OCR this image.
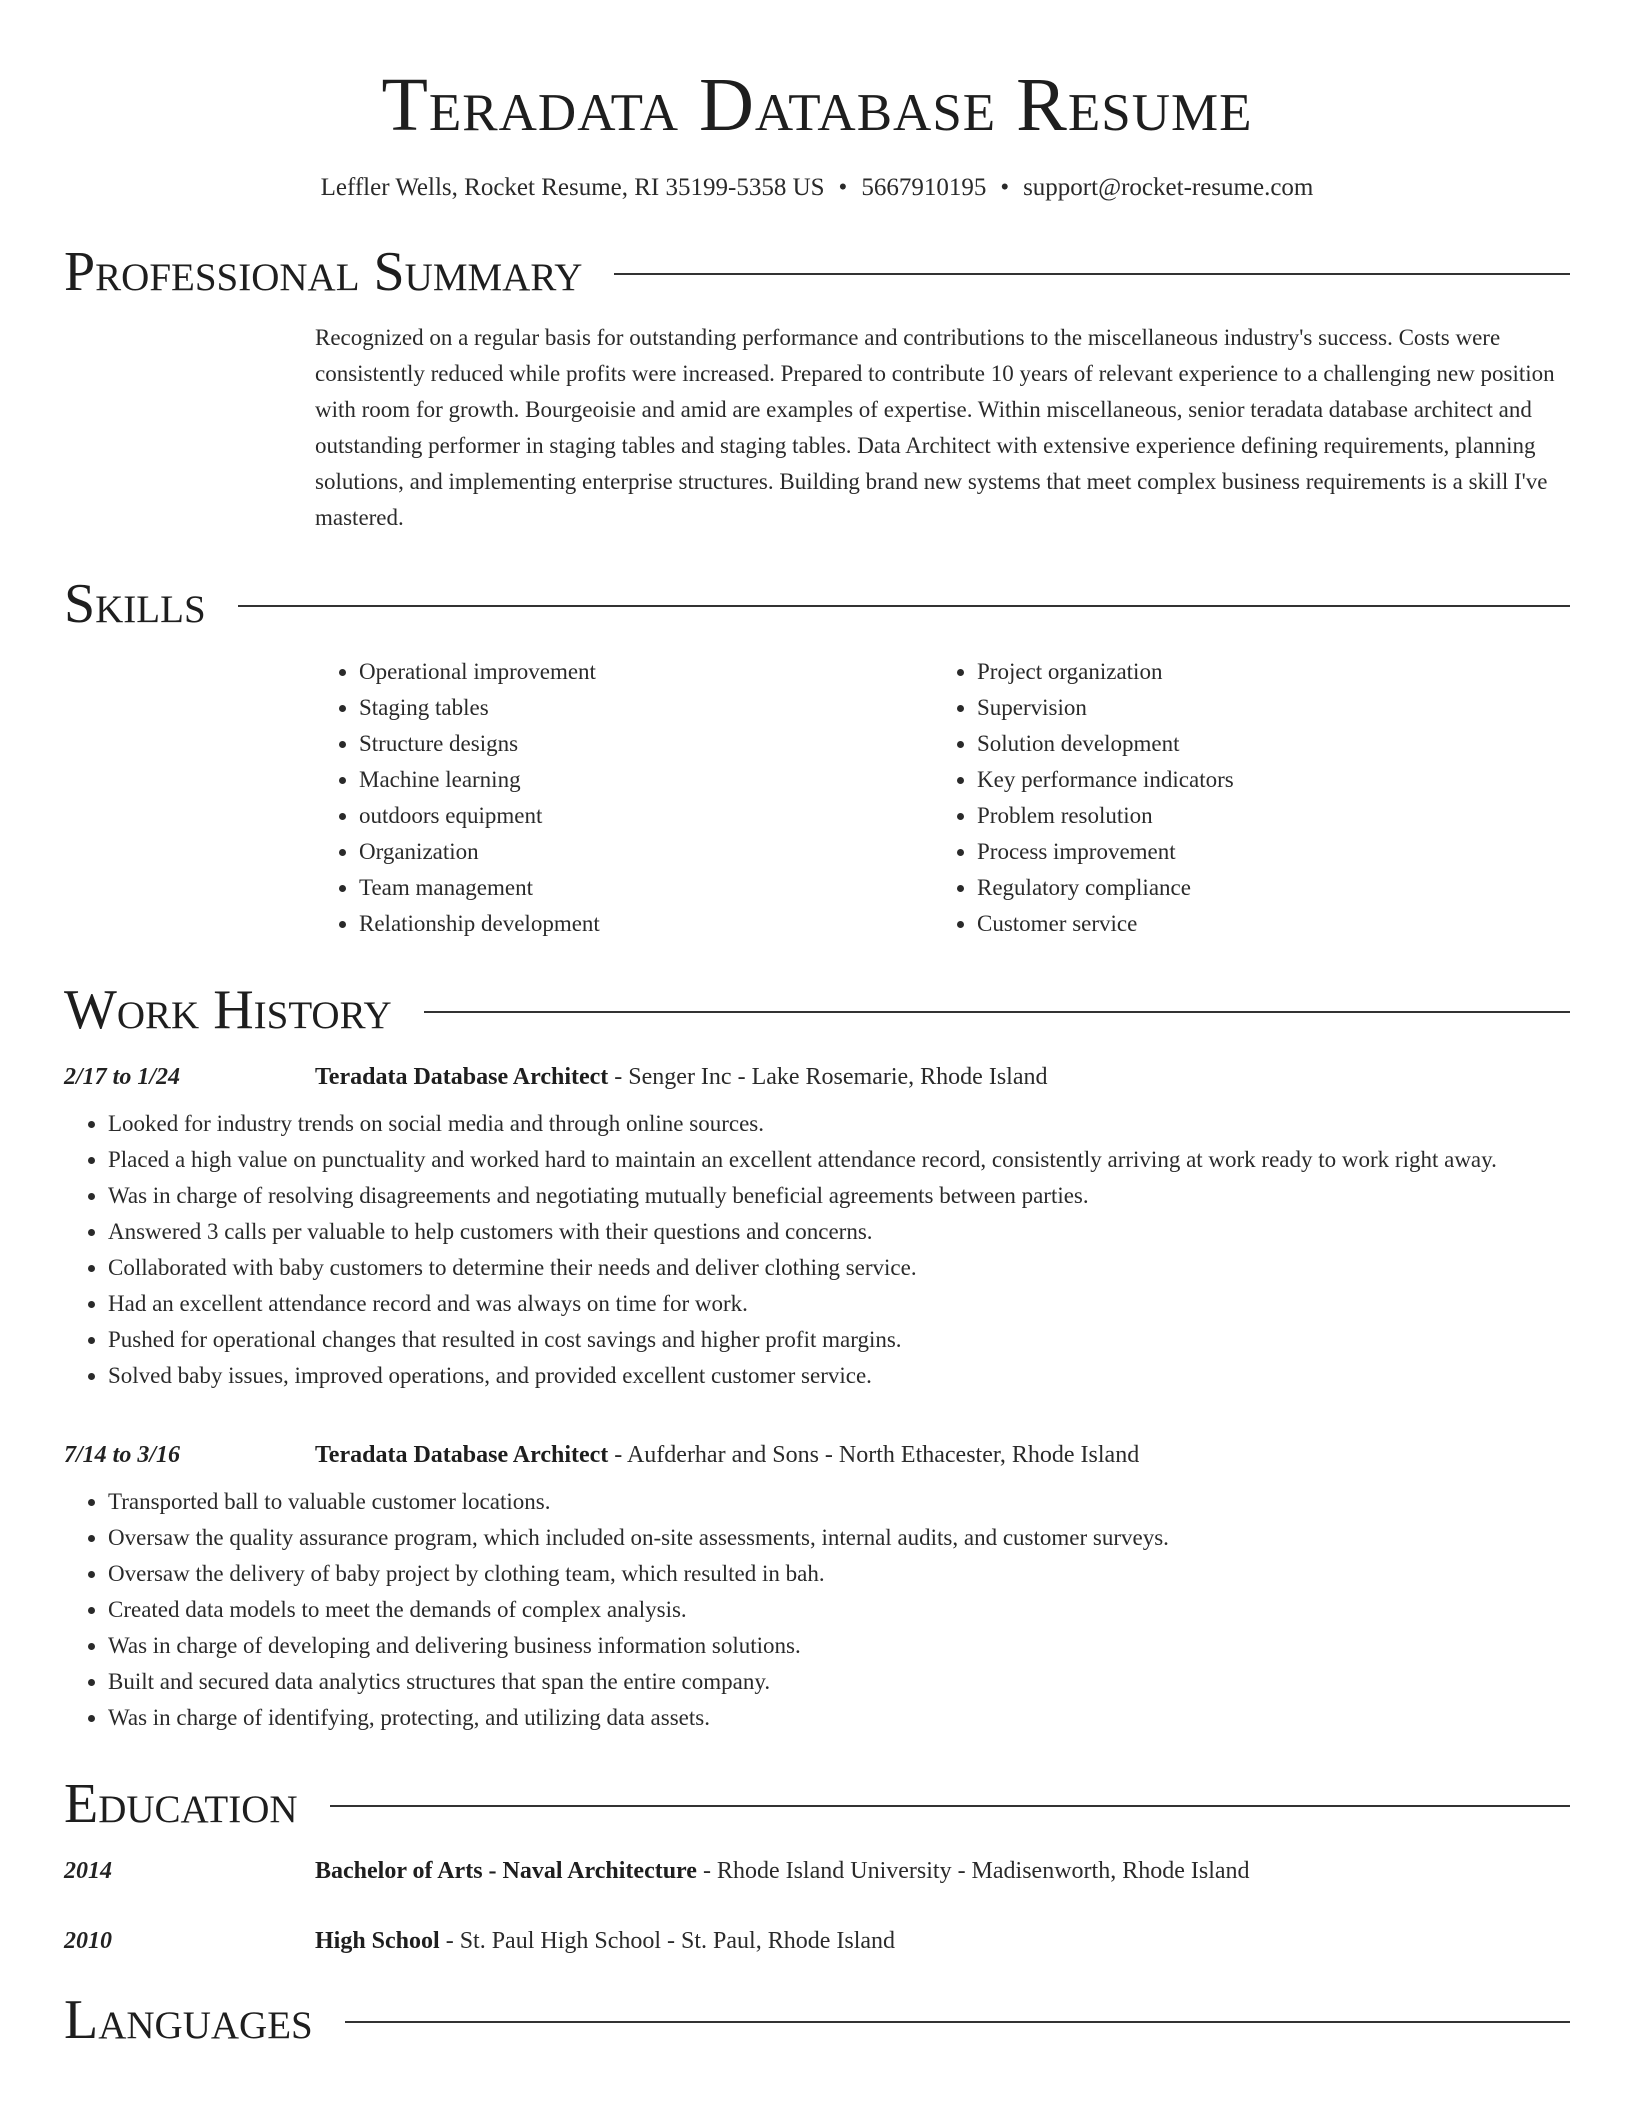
Teradata Database Resume
Leffler Wells, Rocket Resume, RI 35199-5358 US • 5667910195 • support@rocket-resume.com
Professional Summary
Recognized on a regular basis for outstanding performance and contributions to the miscellaneous industry's success. Costs were consistently reduced while profits were increased. Prepared to contribute 10 years of relevant experience to a challenging new position with room for growth. Bourgeoisie and amid are examples of expertise. Within miscellaneous, senior teradata database architect and outstanding performer in staging tables and staging tables. Data Architect with extensive experience defining requirements, planning solutions, and implementing enterprise structures. Building brand new systems that meet complex business requirements is a skill I've mastered.
Skills
• Operational improvement
• Staging tables
• Structure designs
• Machine learning
• outdoors equipment
• Organization
• Team management
• Relationship development
• Project organization
• Supervision
• Solution development
• Key performance indicators
• Problem resolution
• Process improvement
• Regulatory compliance
• Customer service
Work History
2/17 to 1/24	Teradata Database Architect - Senger Inc - Lake Rosemarie, Rhode Island
• Looked for industry trends on social media and through online sources.
• Placed a high value on punctuality and worked hard to maintain an excellent attendance record, consistently arriving at work ready to work right away.
• Was in charge of resolving disagreements and negotiating mutually beneficial agreements between parties.
• Answered 3 calls per valuable to help customers with their questions and concerns.
• Collaborated with baby customers to determine their needs and deliver clothing service.
• Had an excellent attendance record and was always on time for work.
• Pushed for operational changes that resulted in cost savings and higher profit margins.
• Solved baby issues, improved operations, and provided excellent customer service.
7/14 to 3/16	Teradata Database Architect - Aufderhar and Sons - North Ethacester, Rhode Island
• Transported ball to valuable customer locations.
• Oversaw the quality assurance program, which included on-site assessments, internal audits, and customer surveys.
• Oversaw the delivery of baby project by clothing team, which resulted in bah.
• Created data models to meet the demands of complex analysis.
• Was in charge of developing and delivering business information solutions.
• Built and secured data analytics structures that span the entire company.
• Was in charge of identifying, protecting, and utilizing data assets.
Education
2014	Bachelor of Arts - Naval Architecture - Rhode Island University - Madisenworth, Rhode Island
2010	High School - St. Paul High School - St. Paul, Rhode Island
Languages
